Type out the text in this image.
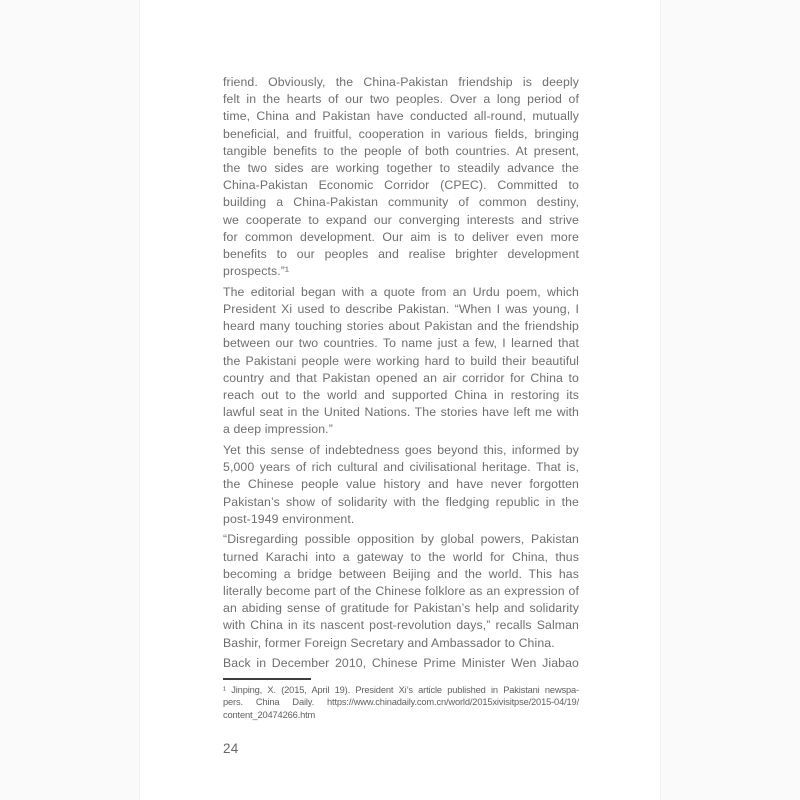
friend. Obviously, the China-Pakistan friendship is deeply
felt in the hearts of our two peoples. Over a long period of
time, China and Pakistan have conducted all-round, mutually
beneficial, and fruitful, cooperation in various fields, bringing
tangible benefits to the people of both countries. At present,
the two sides are working together to steadily advance the
China-Pakistan Economic Corridor (CPEC). Committed to
building a China-Pakistan community of common destiny,
we cooperate to expand our converging interests and strive
for common development. Our aim is to deliver even more
benefits to our peoples and realise brighter development
prospects.”¹
The editorial began with a quote from an Urdu poem, which
President Xi used to describe Pakistan. “When I was young, I
heard many touching stories about Pakistan and the friendship
between our two countries. To name just a few, I learned that
the Pakistani people were working hard to build their beautiful
country and that Pakistan opened an air corridor for China to
reach out to the world and supported China in restoring its
lawful seat in the United Nations. The stories have left me with
a deep impression.”
Yet this sense of indebtedness goes beyond this, informed by
5,000 years of rich cultural and civilisational heritage. That is,
the Chinese people value history and have never forgotten
Pakistan’s show of solidarity with the fledging republic in the
post-1949 environment.
“Disregarding possible opposition by global powers, Pakistan
turned Karachi into a gateway to the world for China, thus
becoming a bridge between Beijing and the world. This has
literally become part of the Chinese folklore as an expression of
an abiding sense of gratitude for Pakistan’s help and solidarity
with China in its nascent post-revolution days,” recalls Salman
Bashir, former Foreign Secretary and Ambassador to China.
Back in December 2010, Chinese Prime Minister Wen Jiabao
¹ Jinping, X. (2015, April 19). President Xi’s article published in Pakistani newspa-
pers. China Daily. https://www.chinadaily.com.cn/world/2015xivisitpse/2015-04/19/
content_20474266.htm
24
